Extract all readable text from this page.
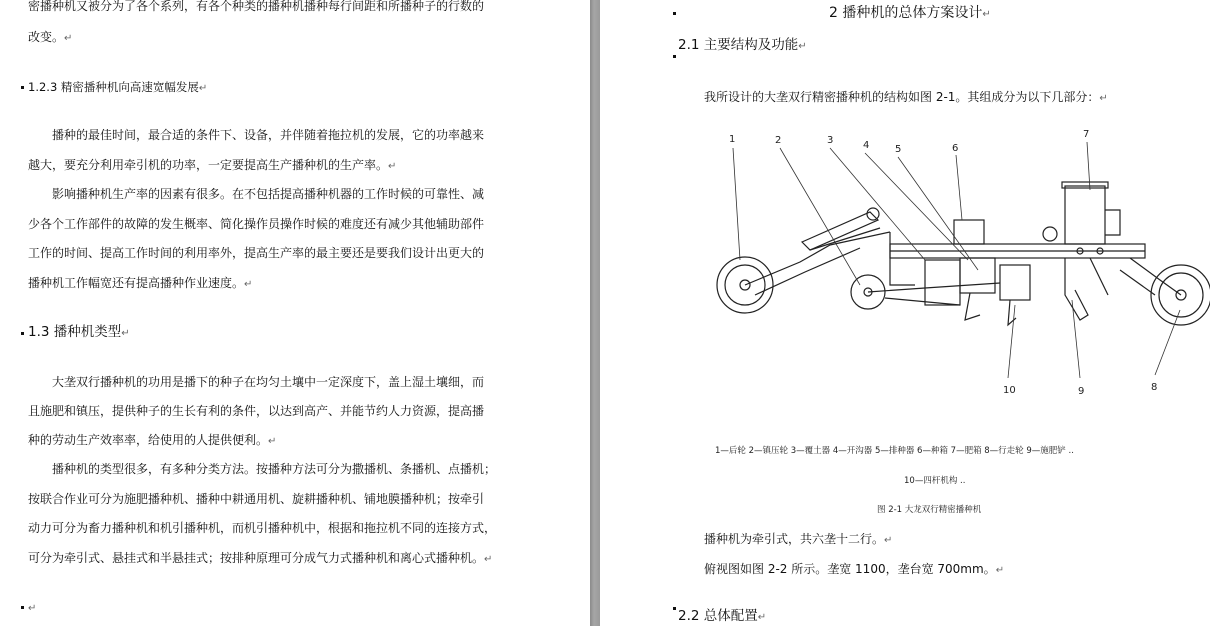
密播种机又被分为了各个系列，有各个种类的播种机播种每行间距和所播种子的行数的
改变。↵
1.2.3 精密播种机向高速宽幅发展↵
播种的最佳时间，最合适的条件下、设备，并伴随着拖拉机的发展，它的功率越来
越大，要充分利用牵引机的功率，一定要提高生产播种机的生产率。↵
影响播种机生产率的因素有很多。在不包括提高播种机器的工作时候的可靠性、减
少各个工作部件的故障的发生概率、简化操作员操作时候的难度还有减少其他辅助部件
工作的时间、提高工作时间的利用率外，提高生产率的最主要还是要我们设计出更大的
播种机工作幅宽还有提高播种作业速度。↵
1.3 播种机类型↵
大垄双行播种机的功用是播下的种子在均匀土壤中一定深度下，盖上湿土壤细，而
且施肥和镇压，提供种子的生长有利的条件，以达到高产、并能节约人力资源，提高播
种的劳动生产效率率，给使用的人提供便利。↵
播种机的类型很多，有多种分类方法。按播种方法可分为撒播机、条播机、点播机；
按联合作业可分为施肥播种机、播种中耕通用机、旋耕播种机、铺地膜播种机；按牵引
动力可分为畜力播种机和机引播种机，而机引播种机中，根据和拖拉机不同的连接方式，
可分为牵引式、悬挂式和半悬挂式；按排种原理可分成气力式播种机和离心式播种机。↵
↵
2 播种机的总体方案设计↵
2.1 主要结构及功能↵
我所设计的大垄双行精密播种机的结构如图 2-1。其组成分为以下几部分：↵
1	2	3	4	5	6
7
8
9
10
1—后轮 2—镇压轮 3—覆土器 4—开沟器 5—排种器 6—种箱 7—肥箱 8—行走轮 9—施肥铲 ..
10—四杆机构 ..
图 2-1 大龙双行精密播种机
播种机为牵引式，共六垄十二行。↵
俯视图如图 2-2 所示。垄宽 1100，垄台宽 700mm。↵
2.2 总体配置↵
